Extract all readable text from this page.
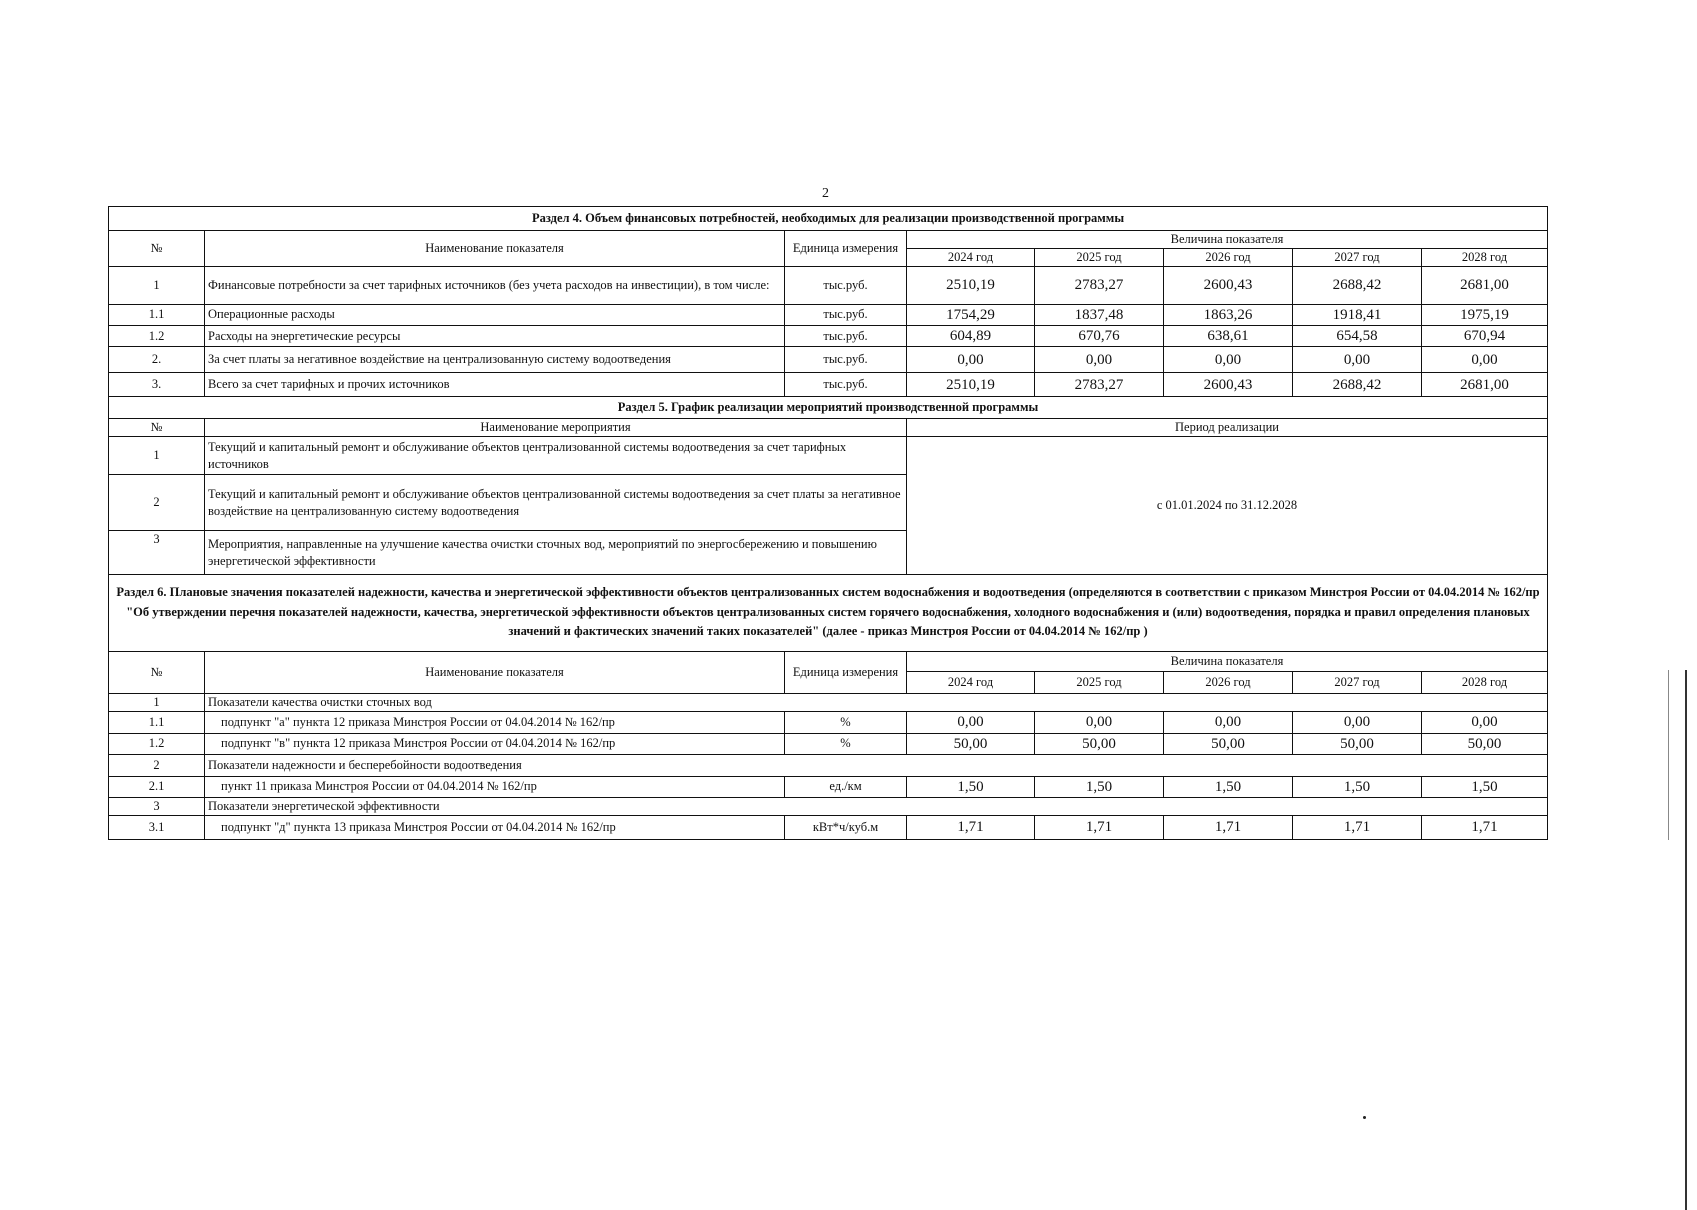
2
Раздел 4. Объем финансовых потребностей, необходимых для реализации производственной программы							
№	Наименование показателя	Единица измерения	Величина показателя				
			2024 год	2025 год	2026 год	2027 год	2028 год
1	Финансовые потребности за счет тарифных источников (без учета расходов на инвестиции), в том числе:	тыс.руб.	2510,19	2783,27	2600,43	2688,42	2681,00
1.1	Операционные расходы	тыс.руб.	1754,29	1837,48	1863,26	1918,41	1975,19
1.2	Расходы на энергетические ресурсы	тыс.руб.	604,89	670,76	638,61	654,58	670,94
2.	За счет платы за негативное воздействие на централизованную систему водоотведения	тыс.руб.	0,00	0,00	0,00	0,00	0,00
3.	Всего за счет тарифных и прочих источников	тыс.руб.	2510,19	2783,27	2600,43	2688,42	2681,00
Раздел 5. График реализации мероприятий производственной программы							
№	Наименование мероприятия		Период реализации				
1	Текущий и капитальный ремонт и обслуживание объектов централизованной системы водоотведения за счет тарифных источников		с 01.01.2024 по 31.12.2028				
2	Текущий и капитальный ремонт и обслуживание объектов централизованной системы водоотведения за счет платы за негативное воздействие на централизованную систему водоотведения						
3	Мероприятия, направленные на улучшение качества очистки сточных вод, мероприятий по энергосбережению и повышению энергетической эффективности						
Раздел 6. Плановые значения показателей надежности, качества и энергетической эффективности объектов централизованных систем водоснабжения и водоотведения (определяются в соответствии с приказом Минстроя России от 04.04.2014 № 162/пр "Об утверждении перечня показателей надежности, качества, энергетической эффективности объектов централизованных систем горячего водоснабжения, холодного водоснабжения и (или) водоотведения, порядка и правил определения плановых значений и фактических значений таких показателей" (далее - приказ Минстроя России от 04.04.2014 № 162/пр )							
№	Наименование показателя	Единица измерения	Величина показателя				
			2024 год	2025 год	2026 год	2027 год	2028 год
1	Показатели качества очистки сточных вод						
1.1	подпункт "а" пункта 12 приказа Минстроя России от 04.04.2014 № 162/пр	%	0,00	0,00	0,00	0,00	0,00
1.2	подпункт "в" пункта 12 приказа Минстроя России от 04.04.2014 № 162/пр	%	50,00	50,00	50,00	50,00	50,00
2	Показатели надежности и бесперебойности водоотведения						
2.1	пункт 11 приказа Минстроя России от 04.04.2014 № 162/пр	ед./км	1,50	1,50	1,50	1,50	1,50
3	Показатели энергетической эффективности						
3.1	подпункт "д" пункта 13 приказа Минстроя России от 04.04.2014 № 162/пр	кВт*ч/куб.м	1,71	1,71	1,71	1,71	1,71
